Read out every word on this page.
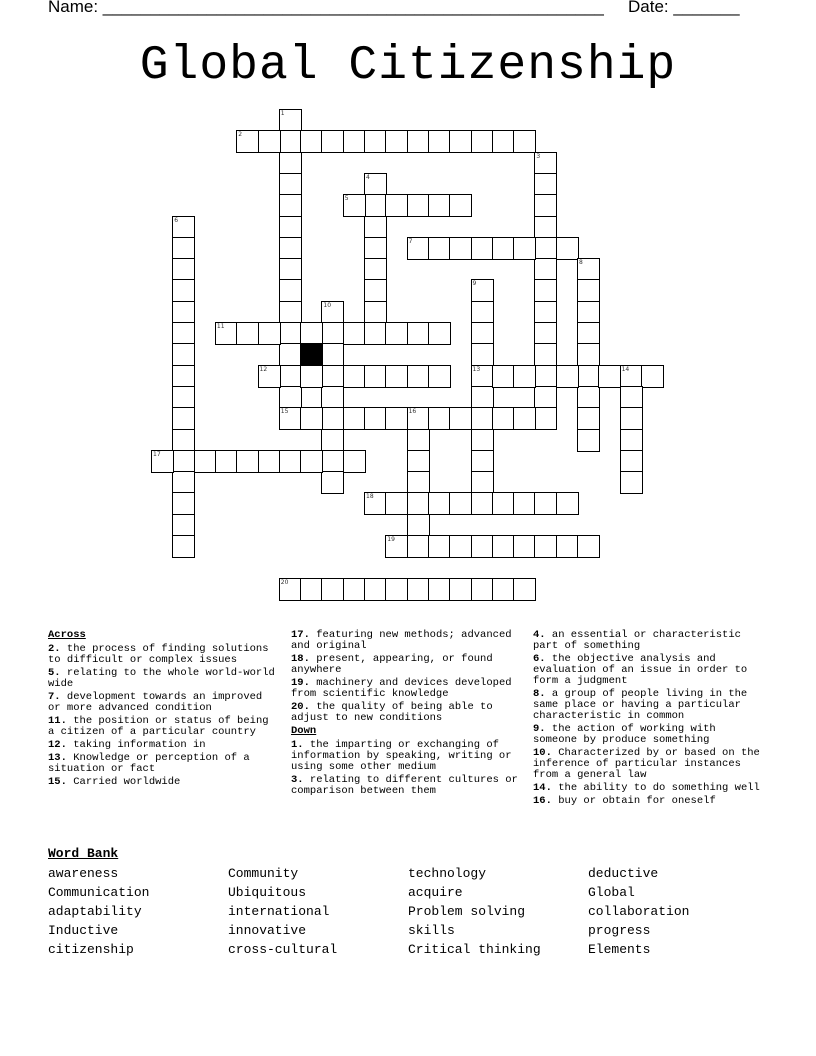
Name: _____________________________________________________ Date: _______
Global Citizenship
1
2
3
4
5
6
7
8
9
13
10
11
12	14
15	16
17
18
19
20
Across
2. the process of finding solutions to difficult or complex issues
5. relating to the whole world-world wide
7. development towards an improved or more advanced condition
11. the position or status of being a citizen of a particular country
12. taking information in
13. Knowledge or perception of a situation or fact
15. Carried worldwide
17. featuring new methods; advanced and original
18. present, appearing, or found anywhere
19. machinery and devices developed from scientific knowledge
20. the quality of being able to adjust to new conditions
Down
1. the imparting or exchanging of information by speaking, writing or using some other medium
3. relating to different cultures or comparison between them
4. an essential or characteristic part of something
6. the objective analysis and evaluation of an issue in order to form a judgment
8. a group of people living in the same place or having a particular characteristic in common
9. the action of working with someone by produce something
10. Characterized by or based on the inference of particular instances from a general law
14. the ability to do something well
16. buy or obtain for oneself
Word Bank
awareness
Communication
adaptability
Inductive
citizenship
Community
Ubiquitous
international
innovative
cross-cultural
technology
acquire
Problem solving
skills
Critical thinking
deductive
Global
collaboration
progress
Elements
